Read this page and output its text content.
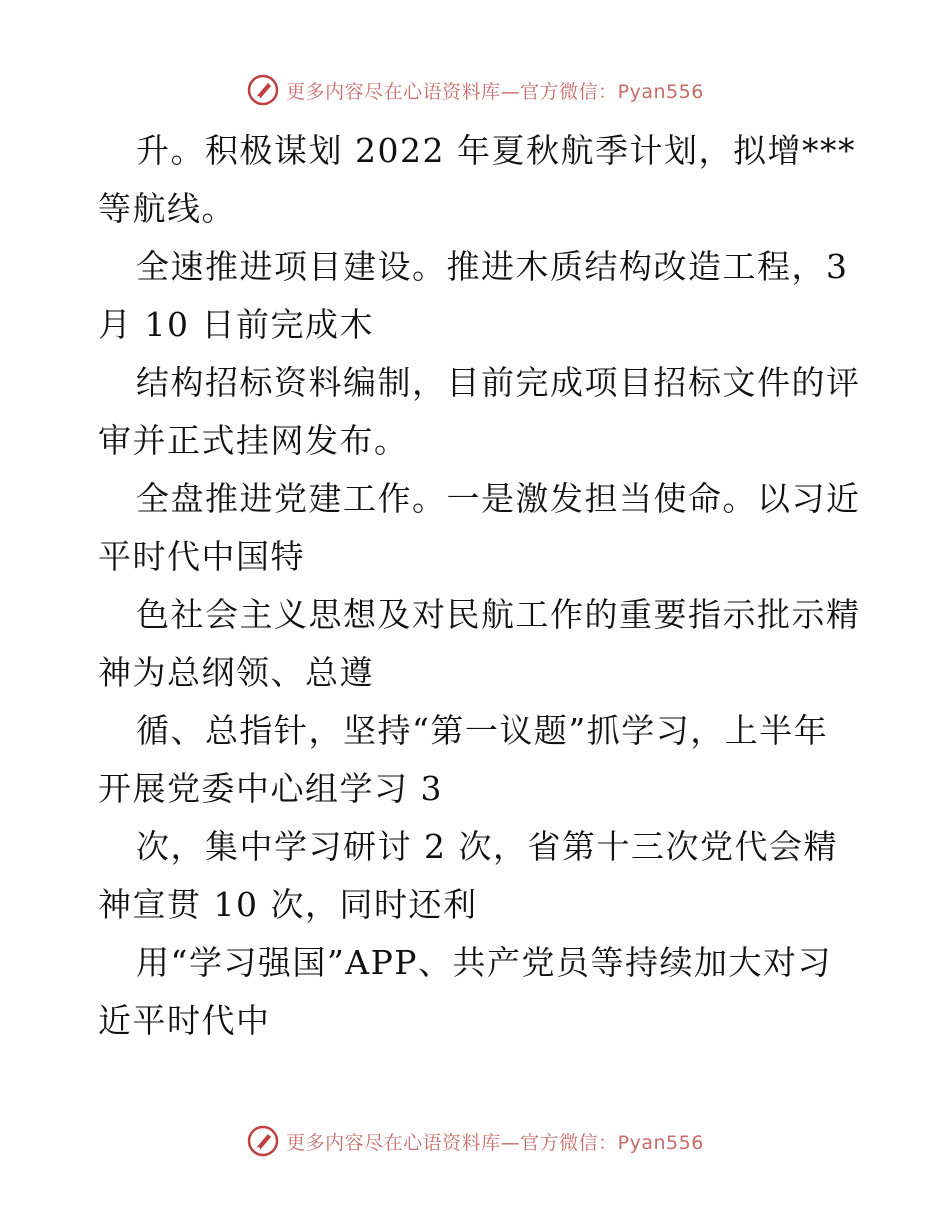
更多内容尽在心语资料库—官方微信：Pyan556
升。积极谋划 2022 年夏秋航季计划，拟增***
等航线。
全速推进项目建设。推进木质结构改造工程，3
月 10 日前完成木
结构招标资料编制，目前完成项目招标文件的评
审并正式挂网发布。
全盘推进党建工作。一是激发担当使命。以习近
平时代中国特
色社会主义思想及对民航工作的重要指示批示精
神为总纲领、总遵
循、总指针，坚持“第一议题”抓学习，上半年
开展党委中心组学习 3
次，集中学习研讨 2 次，省第十三次党代会精
神宣贯 10 次，同时还利
用“学习强国”APP、共产党员等持续加大对习
近平时代中
更多内容尽在心语资料库—官方微信：Pyan556
